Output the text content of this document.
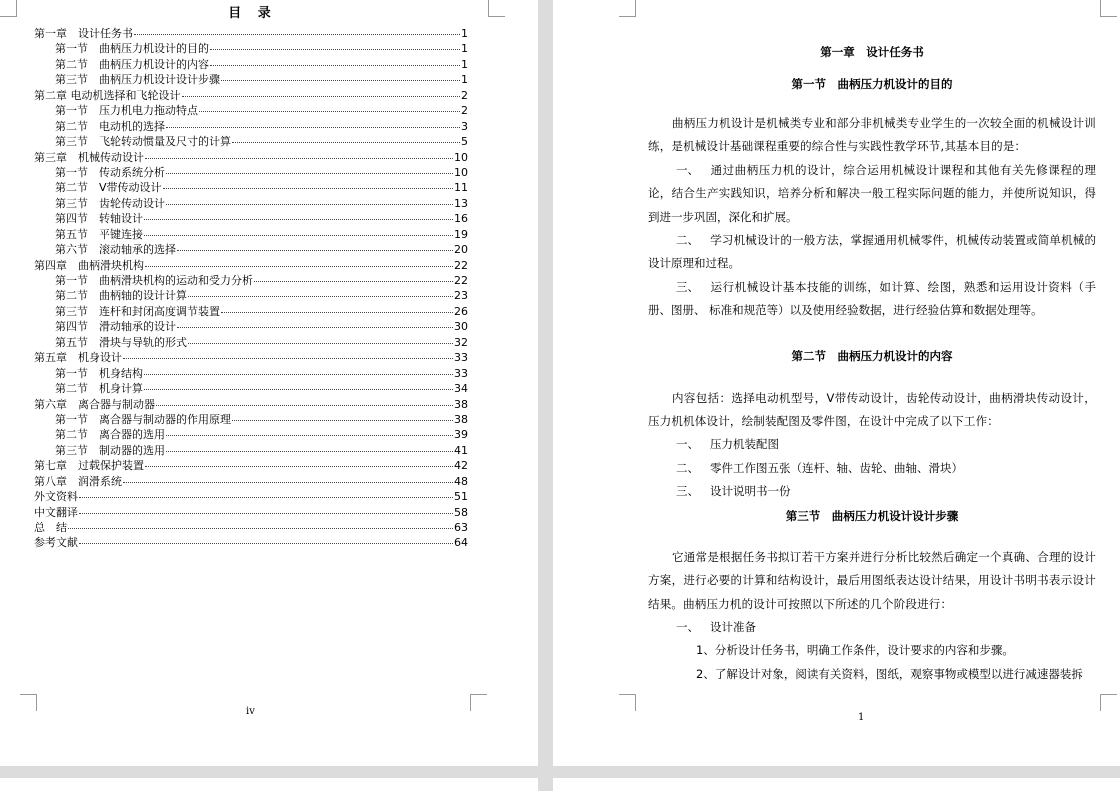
目 录
第一章　设计任务书	1
第一节　曲柄压力机设计的目的	1
第二节　曲柄压力机设计的内容	1
第三节　曲柄压力机设计设计步骤	1
第二章 电动机选择和飞轮设计	2
第一节　压力机电力拖动特点	2
第二节　电动机的选择	3
第三节　飞轮转动惯量及尺寸的计算	5
第三章　机械传动设计	10
第一节　传动系统分析	10
第二节　V带传动设计	11
第三节　齿轮传动设计	13
第四节　转轴设计	16
第五节　平键连接	19
第六节　滚动轴承的选择	20
第四章　曲柄滑块机构	22
第一节　曲柄滑块机构的运动和受力分析	22
第二节　曲柄轴的设计计算	23
第三节　连杆和封闭高度调节装置	26
第四节　滑动轴承的设计	30
第五节　滑块与导轨的形式	32
第五章　机身设计	33
第一节　机身结构	33
第二节　机身计算	34
第六章　离合器与制动器	38
第一节　离合器与制动器的作用原理	38
第二节　离合器的选用	39
第三节　制动器的选用	41
第七章　过载保护装置	42
第八章　润滑系统	48
外文资料	51
中文翻译	58
总　结	63
参考文献	64
iv
第一章　设计任务书
第一节　曲柄压力机设计的目的

曲柄压力机设计是机械类专业和部分非机械类专业学生的一次较全面的机械设计训练，是机械设计基础课程重要的综合性与实践性教学环节,其基本目的是：

一、 通过曲柄压力机的设计，综合运用机械设计课程和其他有关先修课程的理论，结合生产实践知识，培养分析和解决一般工程实际问题的能力，并使所说知识，得到进一步巩固，深化和扩展。

二、 学习机械设计的一般方法，掌握通用机械零件，机械传动装置或简单机械的设计原理和过程。

三、 运行机械设计基本技能的训练，如计算、绘图，熟悉和运用设计资料（手册、图册、 标准和规范等）以及使用经验数据，进行经验估算和数据处理等。

第二节　曲柄压力机设计的内容

内容包括：选择电动机型号，V带传动设计，齿轮传动设计，曲柄滑块传动设计，压力机机体设计，绘制装配图及零件图，在设计中完成了以下工作：

一、 压力机装配图

二、 零件工作图五张（连杆、轴、齿轮、曲轴、滑块）

三、 设计说明书一份

第三节　曲柄压力机设计设计步骤

它通常是根据任务书拟订若干方案并进行分析比较然后确定一个真确、合理的设计方案，进行必要的计算和结构设计，最后用图纸表达设计结果，用设计书明书表示设计结果。曲柄压力机的设计可按照以下所述的几个阶段进行：

一、 设计准备

1、分析设计任务书，明确工作条件，设计要求的内容和步骤。

2、了解设计对象，阅读有关资料，图纸，观察事物或模型以进行减速器装拆

1
